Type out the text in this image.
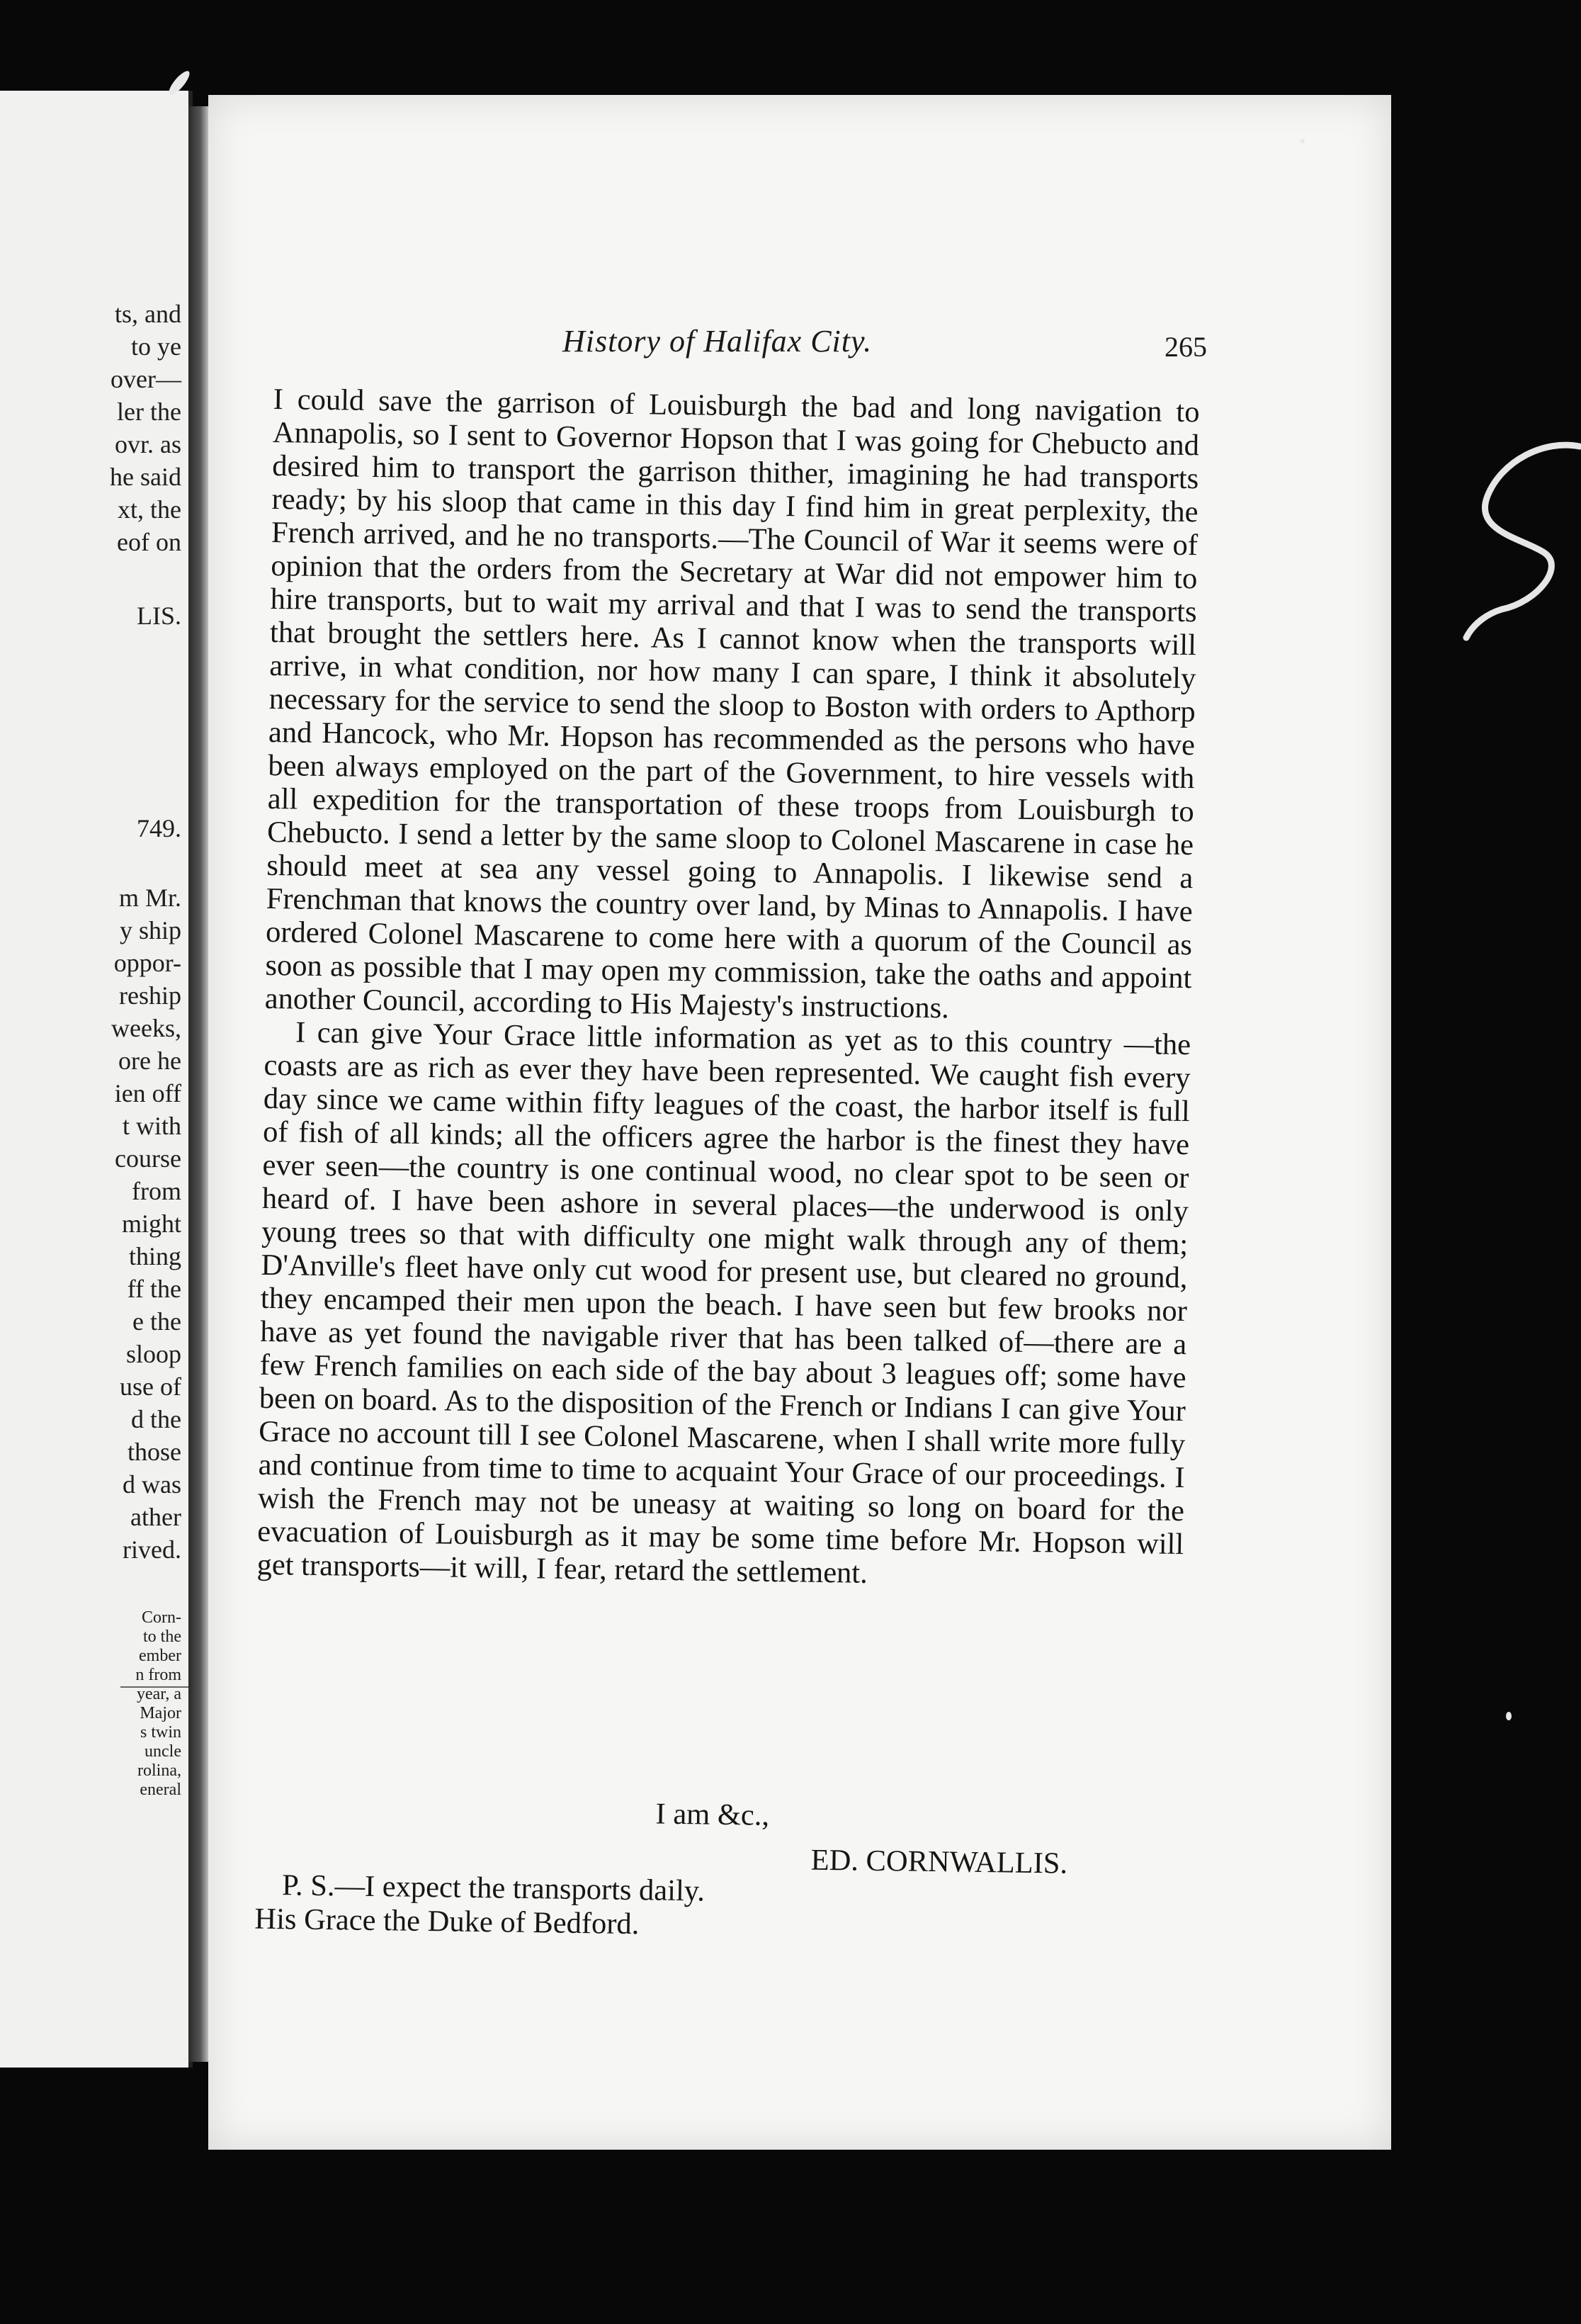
ts, and
to ye
over—
ler the
ovr. as
he said
xt, the
eof on
LIS.
749.
m Mr.
y ship
oppor-
reship
weeks,
ore he
ien off
t with
course
from
might
thing
ff the
e the
sloop
use of
d the
those
d was
ather
rived.
Corn-
to the
ember
n from
year, a
Major
s twin
uncle
rolina,
eneral
History of Halifax City.	265

I could save the garrison of Louisburgh the bad and long navigation to Annapolis, so I sent to Governor Hopson that I was going for Chebucto and desired him to transport the garrison thither, imagining he had transports ready; by his sloop that came in this day I find him in great perplexity, the French arrived, and he no transports.—The Council of War it seems were of opinion that the orders from the Secretary at War did not empower him to hire transports, but to wait my arrival and that I was to send the transports that brought the settlers here. As I cannot know when the transports will arrive, in what condition, nor how many I can spare, I think it absolutely necessary for the service to send the sloop to Boston with orders to Apthorp and Hancock, who Mr. Hopson has recommended as the persons who have been always employed on the part of the Government, to hire vessels with all expedition for the transportation of these troops from Louisburgh to Chebucto. I send a letter by the same sloop to Colonel Mascarene in case he should meet at sea any vessel going to Annapolis. I likewise send a Frenchman that knows the country over land, by Minas to Annapolis. I have ordered Colonel Mascarene to come here with a quorum of the Council as soon as possible that I may open my commission, take the oaths and appoint another Council, according to His Majesty's instructions.

I can give Your Grace little information as yet as to this country —the coasts are as rich as ever they have been represented. We caught fish every day since we came within fifty leagues of the coast, the harbor itself is full of fish of all kinds; all the officers agree the harbor is the finest they have ever seen—the country is one continual wood, no clear spot to be seen or heard of. I have been ashore in several places—the underwood is only young trees so that with difficulty one might walk through any of them; D'Anville's fleet have only cut wood for present use, but cleared no ground, they encamped their men upon the beach. I have seen but few brooks nor have as yet found the navigable river that has been talked of—there are a few French families on each side of the bay about 3 leagues off; some have been on board. As to the disposition of the French or Indians I can give Your Grace no account till I see Colonel Mascarene, when I shall write more fully and continue from time to time to acquaint Your Grace of our proceedings. I wish the French may not be uneasy at waiting so long on board for the evacuation of Louisburgh as it may be some time before Mr. Hopson will get transports—it will, I fear, retard the settlement.

I am &c.,
ED. CORNWALLIS.
P. S.—I expect the transports daily.
His Grace the Duke of Bedford.
